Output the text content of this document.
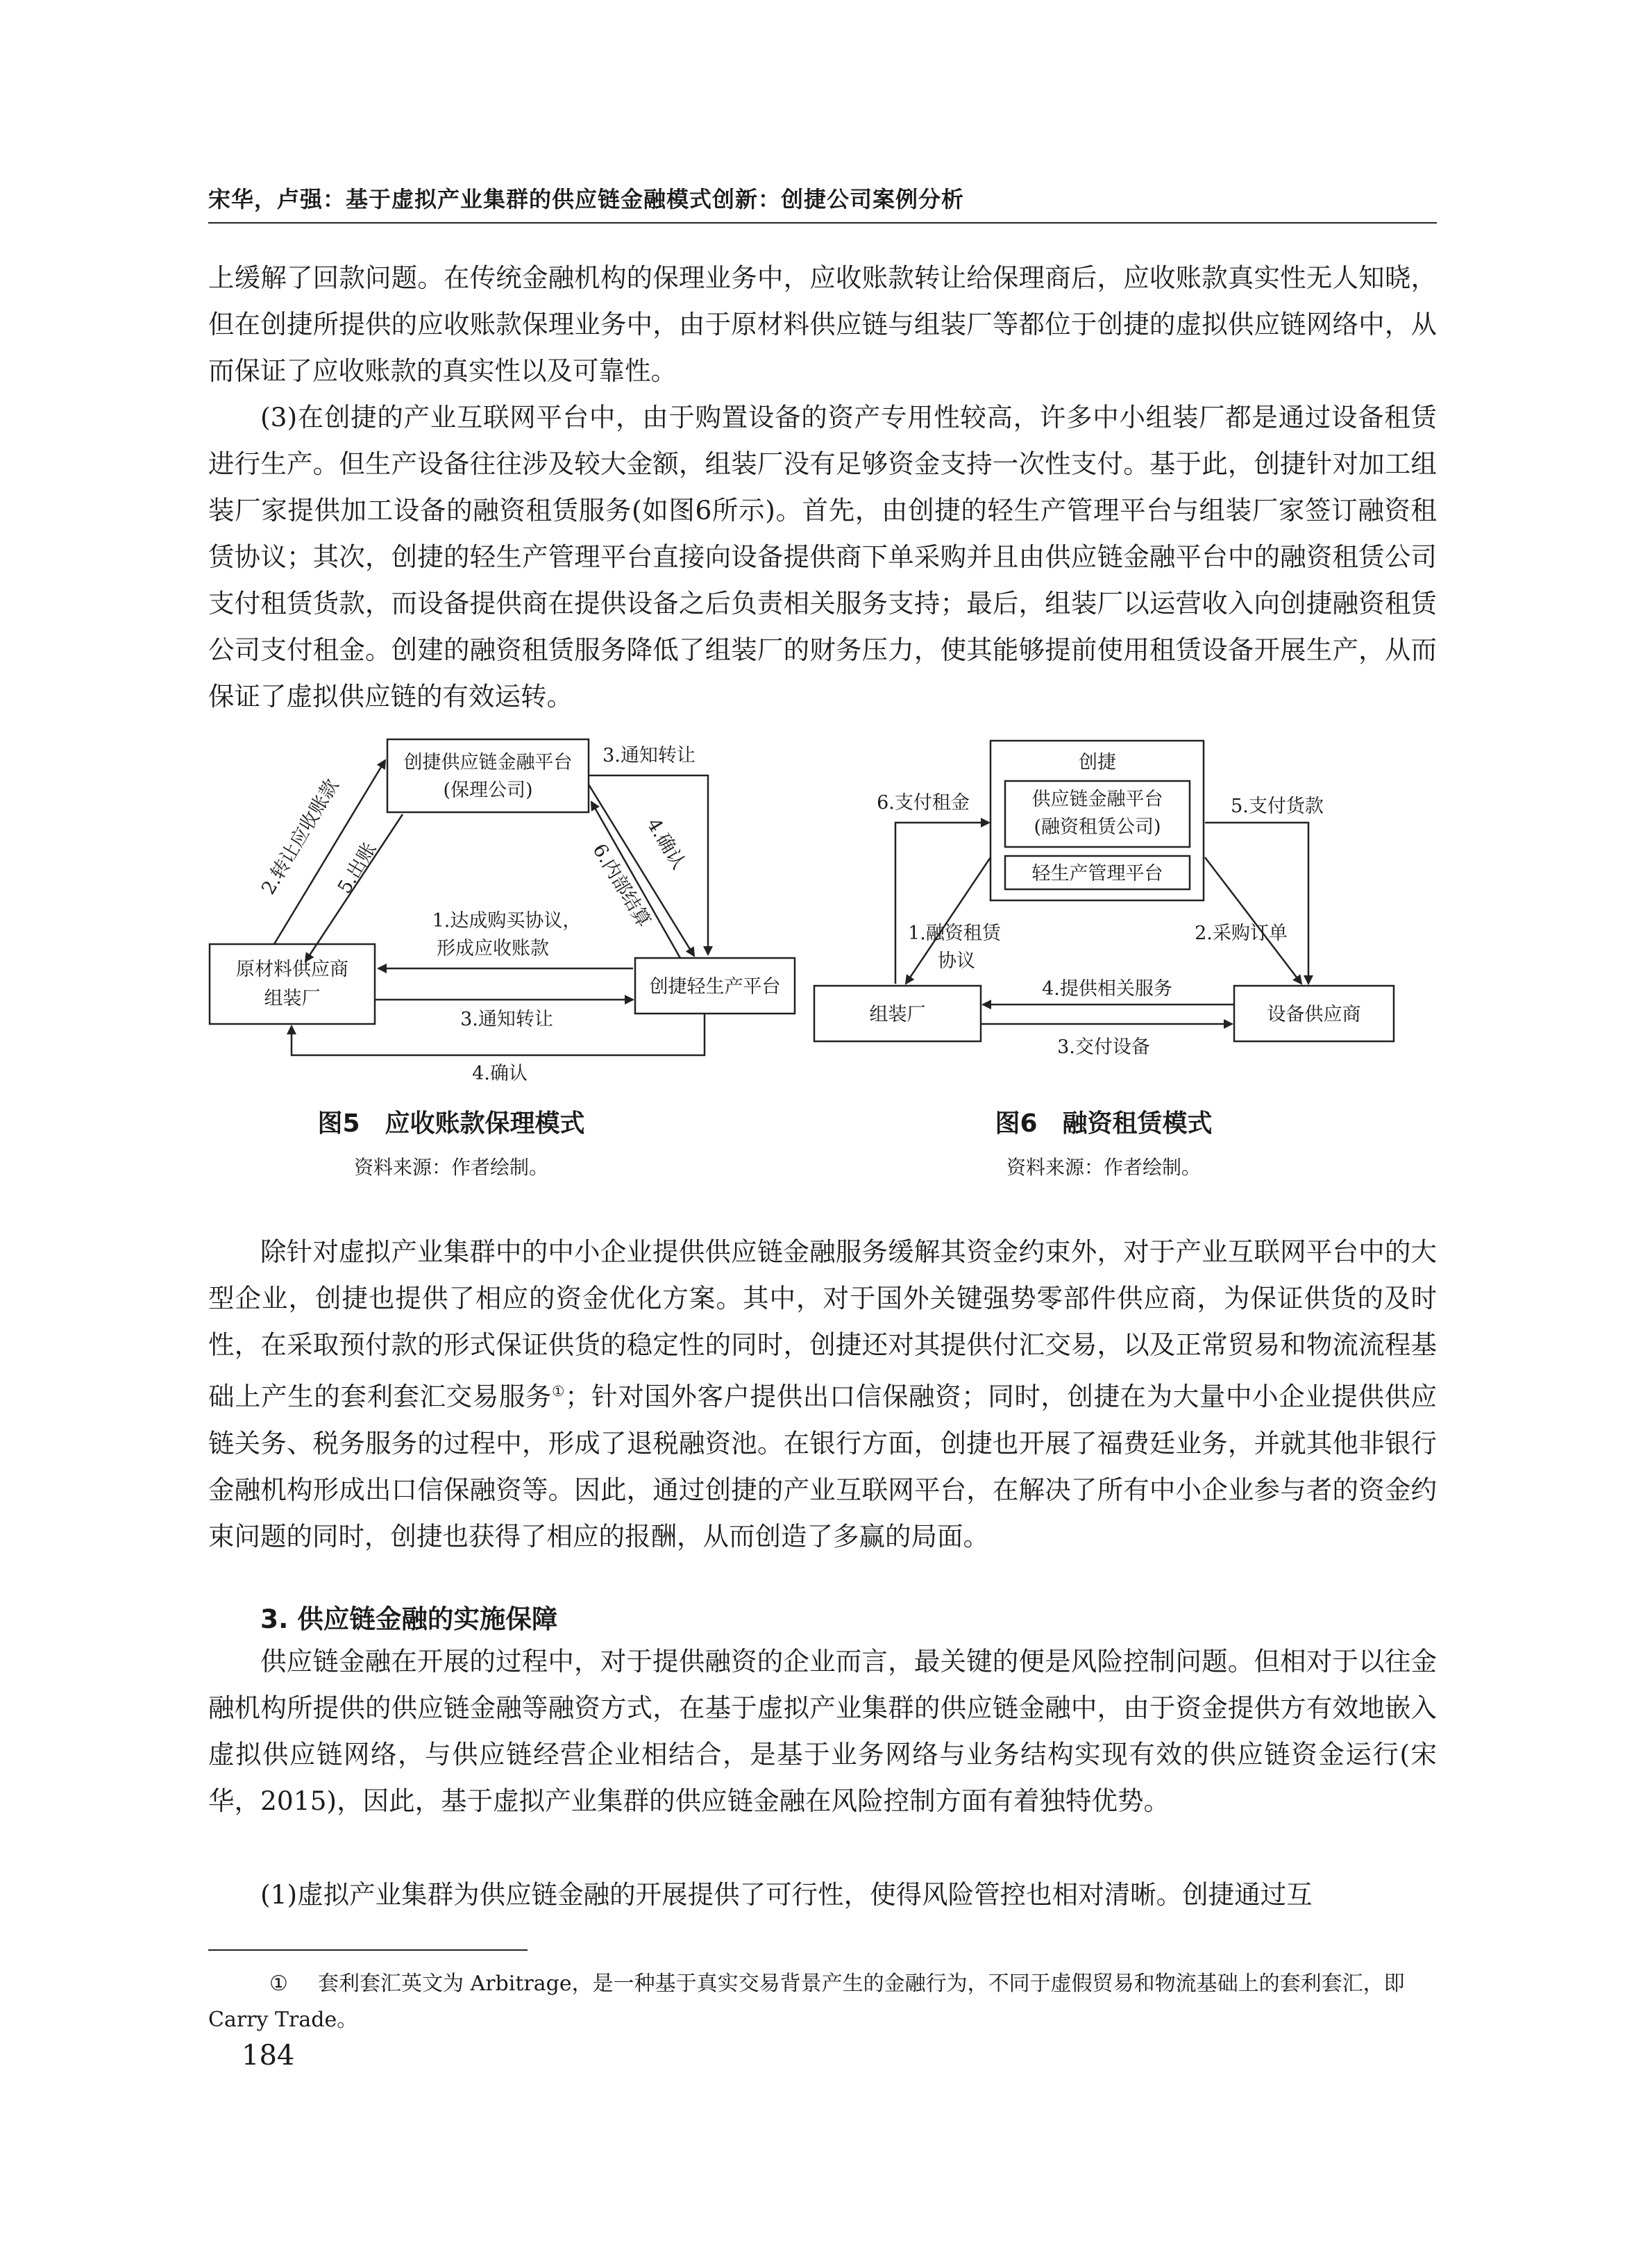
宋华，卢强：基于虚拟产业集群的供应链金融模式创新：创捷公司案例分析
上缓解了回款问题。在传统金融机构的保理业务中，应收账款转让给保理商后，应收账款真实性无人知晓，但在创捷所提供的应收账款保理业务中，由于原材料供应链与组装厂等都位于创捷的虚拟供应链网络中，从而保证了应收账款的真实性以及可靠性。
(3)在创捷的产业互联网平台中，由于购置设备的资产专用性较高，许多中小组装厂都是通过设备租赁进行生产。但生产设备往往涉及较大金额，组装厂没有足够资金支持一次性支付。基于此，创捷针对加工组装厂家提供加工设备的融资租赁服务(如图6所示)。首先，由创捷的轻生产管理平台与组装厂家签订融资租赁协议；其次，创捷的轻生产管理平台直接向设备提供商下单采购并且由供应链金融平台中的融资租赁公司支付租赁货款，而设备提供商在提供设备之后负责相关服务支持；最后，组装厂以运营收入向创捷融资租赁公司支付租金。创建的融资租赁服务降低了组装厂的财务压力，使其能够提前使用租赁设备开展生产，从而保证了虚拟供应链的有效运转。
创捷供应链金融平台
(保理公司)
原材料供应商
组装厂
创捷轻生产平台
2.转让应收账款
5.出账
3.通知转让
4.确认
6.内部结算
1.达成购买协议，
形成应收账款
3.通知转让
4.确认
创捷
供应链金融平台
(融资租赁公司)
轻生产管理平台
组装厂	设备供应商
6.支付租金	5.支付货款
1.融资租赁
协议
2.采购订单
4.提供相关服务
3.交付设备
图5　应收账款保理模式
资料来源：作者绘制。
图6　融资租赁模式
资料来源：作者绘制。
除针对虚拟产业集群中的中小企业提供供应链金融服务缓解其资金约束外，对于产业互联网平台中的大型企业，创捷也提供了相应的资金优化方案。其中，对于国外关键强势零部件供应商，为保证供货的及时性，在采取预付款的形式保证供货的稳定性的同时，创捷还对其提供付汇交易，以及正常贸易和物流流程基础上产生的套利套汇交易服务①；针对国外客户提供出口信保融资；同时，创捷在为大量中小企业提供供应链关务、税务服务的过程中，形成了退税融资池。在银行方面，创捷也开展了福费廷业务，并就其他非银行金融机构形成出口信保融资等。因此，通过创捷的产业互联网平台，在解决了所有中小企业参与者的资金约束问题的同时，创捷也获得了相应的报酬，从而创造了多赢的局面。
3. 供应链金融的实施保障
供应链金融在开展的过程中，对于提供融资的企业而言，最关键的便是风险控制问题。但相对于以往金融机构所提供的供应链金融等融资方式，在基于虚拟产业集群的供应链金融中，由于资金提供方有效地嵌入虚拟供应链网络，与供应链经营企业相结合，是基于业务网络与业务结构实现有效的供应链资金运行(宋华，2015)，因此，基于虚拟产业集群的供应链金融在风险控制方面有着独特优势。
(1)虚拟产业集群为供应链金融的开展提供了可行性，使得风险管控也相对清晰。创捷通过互
① 套利套汇英文为 Arbitrage，是一种基于真实交易背景产生的金融行为，不同于虚假贸易和物流基础上的套利套汇，即 Carry Trade。
184
